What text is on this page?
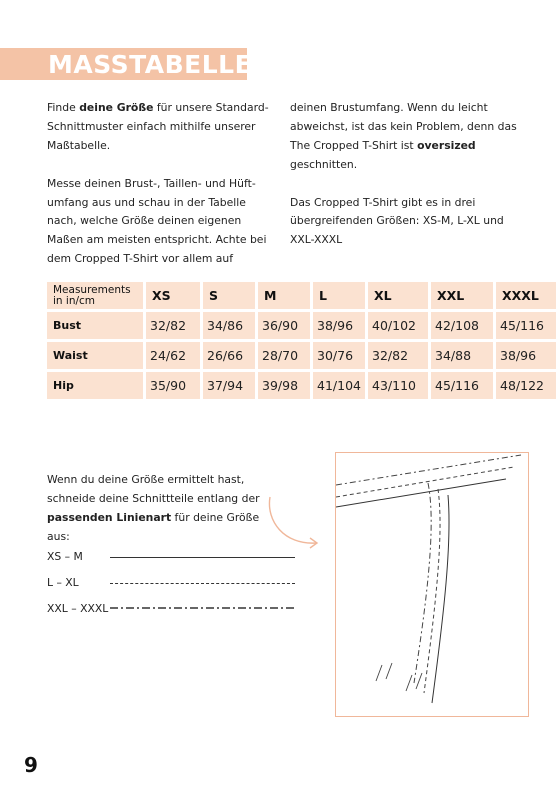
MASSTABELLE

Finde deine Größe für unsere Standard-Schnittmuster einfach mithilfe unserer Maßtabelle.

Messe deinen Brust-, Taillen- und Hüftumfang aus und schau in der Tabelle nach, welche Größe deinen eigenen Maßen am meisten entspricht. Achte bei dem Cropped T-Shirt vor allem auf

deinen Brustumfang. Wenn du leicht abweichst, ist das kein Problem, denn das The Cropped T-Shirt ist oversized geschnitten.

Das Cropped T-Shirt gibt es in drei übergreifenden Größen: XS-M, L-XL und XXL-XXXL

Measurements in in/cm	XS	S	M	L	XL	XXL	XXXL
Bust	32/82	34/86	36/90	38/96	40/102	42/108	45/116
Waist	24/62	26/66	28/70	30/76	32/82	34/88	38/96
Hip	35/90	37/94	39/98	41/104	43/110	45/116	48/122

Wenn du deine Größe ermittelt hast, schneide deine Schnittteile entlang der passenden Linienart für deine Größe aus:

XS – M
L – XL
XXL – XXXL
9
